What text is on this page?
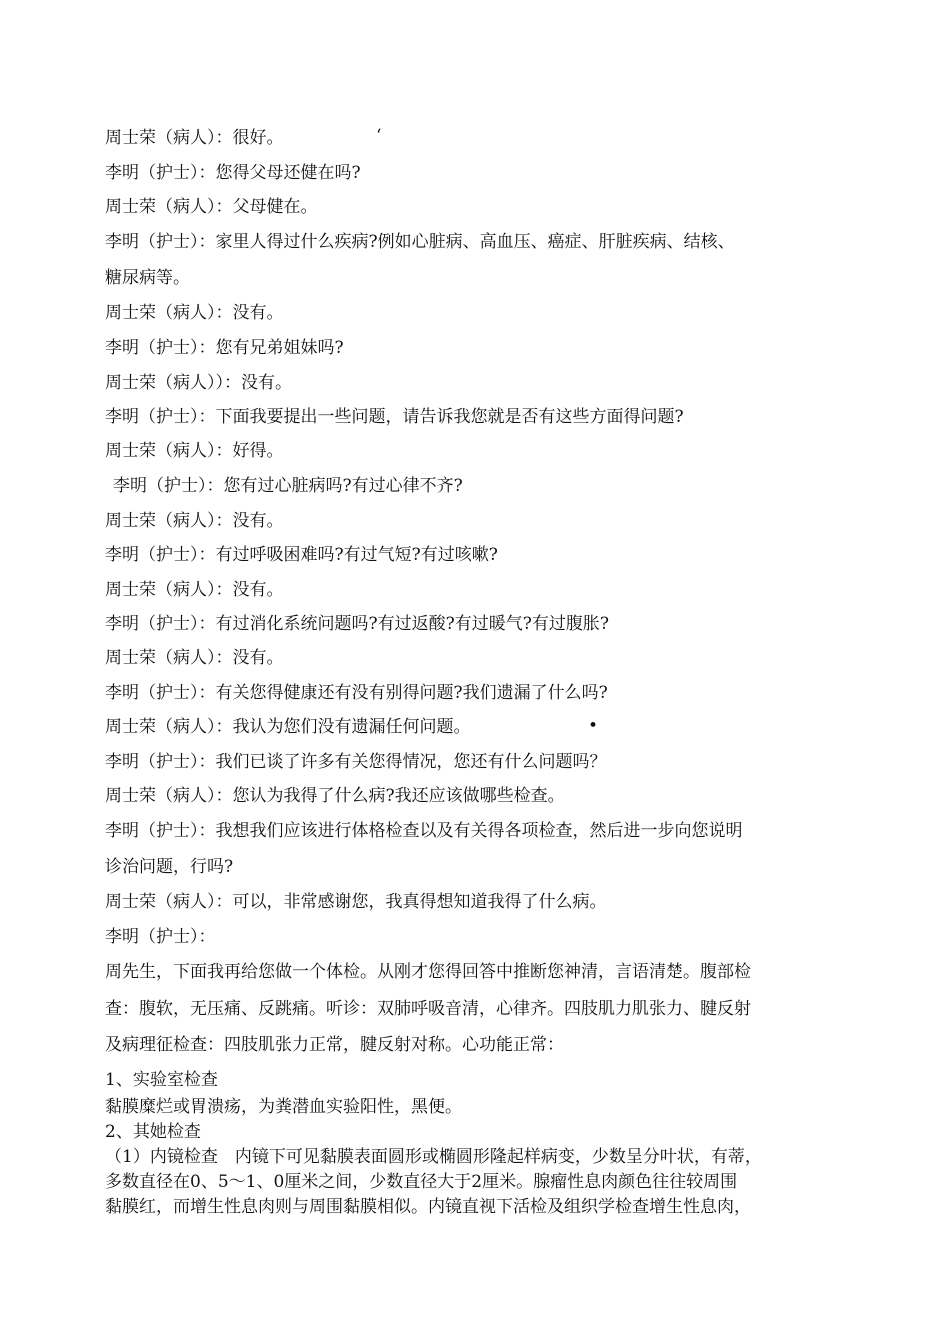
周士荣（病人）：很好。	‘
李明（护士）：您得父母还健在吗?
周士荣（病人）：父母健在。
李明（护士）：家里人得过什么疾病?例如心脏病、高血压、癌症、肝脏疾病、结核、
糖尿病等。
周士荣（病人）：没有。
李明（护士）：您有兄弟姐妹吗?
周士荣（病人））：没有。
李明（护士）：下面我要提出一些问题，请告诉我您就是否有这些方面得问题?
周士荣（病人）：好得。
李明（护士）：您有过心脏病吗?有过心律不齐?
周士荣（病人）：没有。
李明（护士）：有过呼吸困难吗?有过气短?有过咳嗽?
周士荣（病人）：没有。
李明（护士）：有过消化系统问题吗?有过返酸?有过暖气?有过腹胀?
周士荣（病人）：没有。
李明（护士）：有关您得健康还有没有别得问题?我们遗漏了什么吗?
周士荣（病人）：我认为您们没有遗漏任何问题。	•
李明（护士）：我们已谈了许多有关您得情况，您还有什么问题吗？
周士荣（病人）：您认为我得了什么病?我还应该做哪些检查。
李明（护士）：我想我们应该进行体格检查以及有关得各项检查，然后进一步向您说明
诊治问题，行吗?
周士荣（病人）：可以，非常感谢您，我真得想知道我得了什么病。
李明（护士）：
周先生，下面我再给您做一个体检。从刚才您得回答中推断您神清，言语清楚。腹部检
查：腹软，无压痛、反跳痛。听诊：双肺呼吸音清，心律齐。四肢肌力肌张力、腱反射
及病理征检查：四肢肌张力正常，腱反射对称。心功能正常：
1、实验室检查
黏膜糜烂或胃溃疡，为粪潜血实验阳性，黑便。
2、其她检查
（1）内镜检查　内镜下可见黏膜表面圆形或椭圆形隆起样病变，少数呈分叶状，有蒂，
多数直径在0、5～1、0厘米之间，少数直径大于2厘米。腺瘤性息肉颜色往往较周围
黏膜红，而增生性息肉则与周围黏膜相似。内镜直视下活检及组织学检查增生性息肉，
